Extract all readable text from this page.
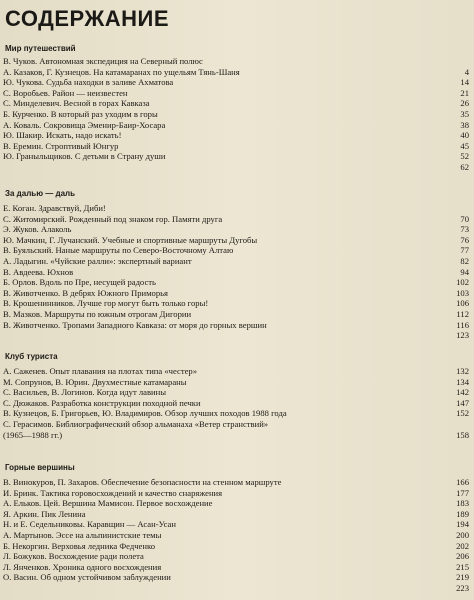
СОДЕРЖАНИЕ
Мир путешествий
В. Чуков. Автономная экспедиция на Северный полюс
А. Казаков, Г. Кузнецов. На катамаранах по ущельям Тянь-Шаня	4
Ю. Чукова. Судьба находки в заливе Ахматова	14
С. Воробьев. Район — неизвестен	21
С. Минделевич. Весной в горах Кавказа	26
Б. Курченко. В который раз уходим в горы	35
А. Коваль. Сокровища Эменир-Баир-Хосара	38
Ю. Шакир. Искать, надо искать!	40
В. Еремин. Строптивый Юнгур	45
Ю. Граныльщиков. С детьми в Страну души	52
62
За далью — даль
Е. Коган. Здравствуй, Диби!
С. Житомирский. Рожденный под знаком гор. Памяти друга	70
Э. Жуков. Алаколь	73
Ю. Мачкин, Г. Лучанский. Учебные и спортивные маршруты Дугобы	76
В. Буяльский. Наные маршруты по Северо-Восточному Алтаю	77
А. Ладыгин. «Чуйские ралли»: экспертный вариант	82
В. Авдеева. Юхнов	94
Б. Орлов. Вдоль по Пре, несущей радость	102
В. Животченко. В дебрях Южного Приморья	103
В. Крошенинников. Лучше гор могут быть только горы!	106
В. Мазков. Маршруты по южным отрогам Дигории	112
В. Животченко. Тропами Западного Кавказа: от моря до горных вершин	116
123
Клуб туриста
А. Саженев. Опыт плавания на плотах типа «честер»	132
М. Сопрунов, В. Юрин. Двухместные катамараны	134
С. Васильев, В. Логинов. Когда идут лавины	142
С. Дюжаков. Разработка конструкции походной печки	147
В. Кузнецов, Б. Григорьев, Ю. Владимиров. Обзор лучших походов 1988 года	152
С. Герасимов. Библиографический обзор альманаха «Ветер странствий»
(1965—1988 гг.)	158
Горные вершины
В. Винокуров, П. Захаров. Обеспечение безопасности на стенном маршруте	166
И. Бринк. Тактика горовосхождений и качество снаряжения	177
А. Ельков. Цей. Вершина Мамисон. Первое восхождение	183
Я. Аркин. Пик Ленина	189
Н. и Е. Седельниковы. Каравщин — Асан-Усан	194
А. Мартынов. Эссе на альпинистские темы	200
Б. Некоргин. Верховья ледника Федченко	202
Л. Божуков. Восхождение ради полета	206
Л. Янченков. Хроника одного восхождения	215
О. Васин. Об одном устойчивом заблуждении	219
223
